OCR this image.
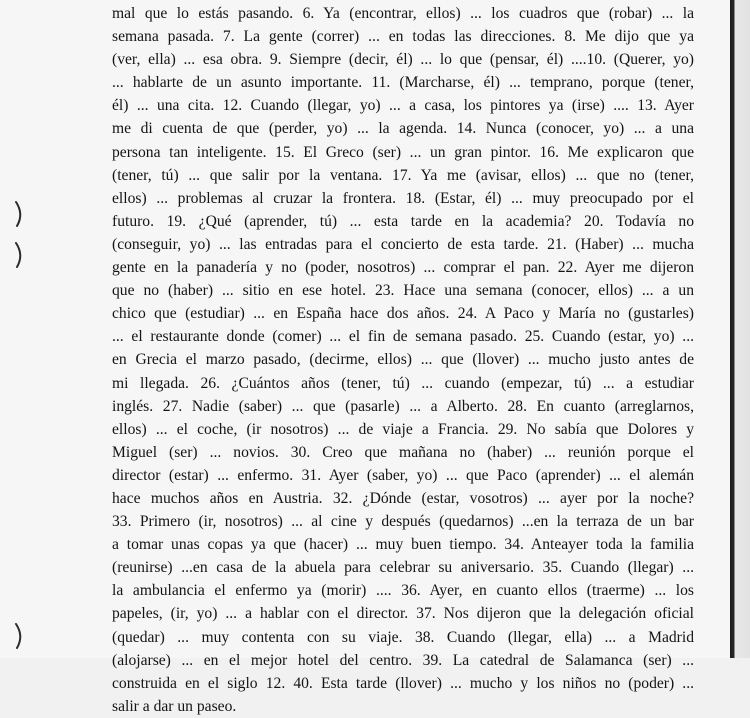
mal que lo estás pasando. 6. Ya (encontrar, ellos) ... los cuadros que (robar) ... la
semana pasada. 7. La gente (correr) ... en todas las direcciones. 8. Me dijo que ya
(ver, ella) ... esa obra. 9. Siempre (decir, él) ... lo que (pensar, él) ....10. (Querer, yo)
... hablarte de un asunto importante. 11. (Marcharse, él) ... temprano, porque (tener,
él) ... una cita. 12. Cuando (llegar, yo) ... a casa, los pintores ya (irse) .... 13. Ayer
me di cuenta de que (perder, yo) ... la agenda. 14. Nunca (conocer, yo) ... a una
persona tan inteligente. 15. El Greco (ser) ... un gran pintor. 16. Me explicaron que
(tener, tú) ... que salir por la ventana. 17. Ya me (avisar, ellos) ... que no (tener,
ellos) ... problemas al cruzar la frontera. 18. (Estar, él) ... muy preocupado por el
futuro. 19. ¿Qué (aprender, tú) ... esta tarde en la academia? 20. Todavía no
(conseguir, yo) ... las entradas para el concierto de esta tarde. 21. (Haber) ... mucha
gente en la panadería y no (poder, nosotros) ... comprar el pan. 22. Ayer me dijeron
que no (haber) ... sitio en ese hotel. 23. Hace una semana (conocer, ellos) ... a un
chico que (estudiar) ... en España hace dos años. 24. A Paco y María no (gustarles)
... el restaurante donde (comer) ... el fin de semana pasado. 25. Cuando (estar, yo) ...
en Grecia el marzo pasado, (decirme, ellos) ... que (llover) ... mucho justo antes de
mi llegada. 26. ¿Cuántos años (tener, tú) ... cuando (empezar, tú) ... a estudiar
inglés. 27. Nadie (saber) ... que (pasarle) ... a Alberto. 28. En cuanto (arreglarnos,
ellos) ... el coche, (ir nosotros) ... de viaje a Francia. 29. No sabía que Dolores y
Miguel (ser) ... novios. 30. Creo que mañana no (haber) ... reunión porque el
director (estar) ... enfermo. 31. Ayer (saber, yo) ... que Paco (aprender) ... el alemán
hace muchos años en Austria. 32. ¿Dónde (estar, vosotros) ... ayer por la noche?
33. Primero (ir, nosotros) ... al cine y después (quedarnos) ...en la terraza de un bar
a tomar unas copas ya que (hacer) ... muy buen tiempo. 34. Anteayer toda la familia
(reunirse) ...en casa de la abuela para celebrar su aniversario. 35. Cuando (llegar) ...
la ambulancia el enfermo ya (morir) .... 36. Ayer, en cuanto ellos (traerme) ... los
papeles, (ir, yo) ... a hablar con el director. 37. Nos dijeron que la delegación oficial
(quedar) ... muy contenta con su viaje. 38. Cuando (llegar, ella) ... a Madrid
(alojarse) ... en el mejor hotel del centro. 39. La catedral de Salamanca (ser) ...
construida en el siglo 12. 40. Esta tarde (llover) ... mucho y los niños no (poder) ...
salir a dar un paseo.
